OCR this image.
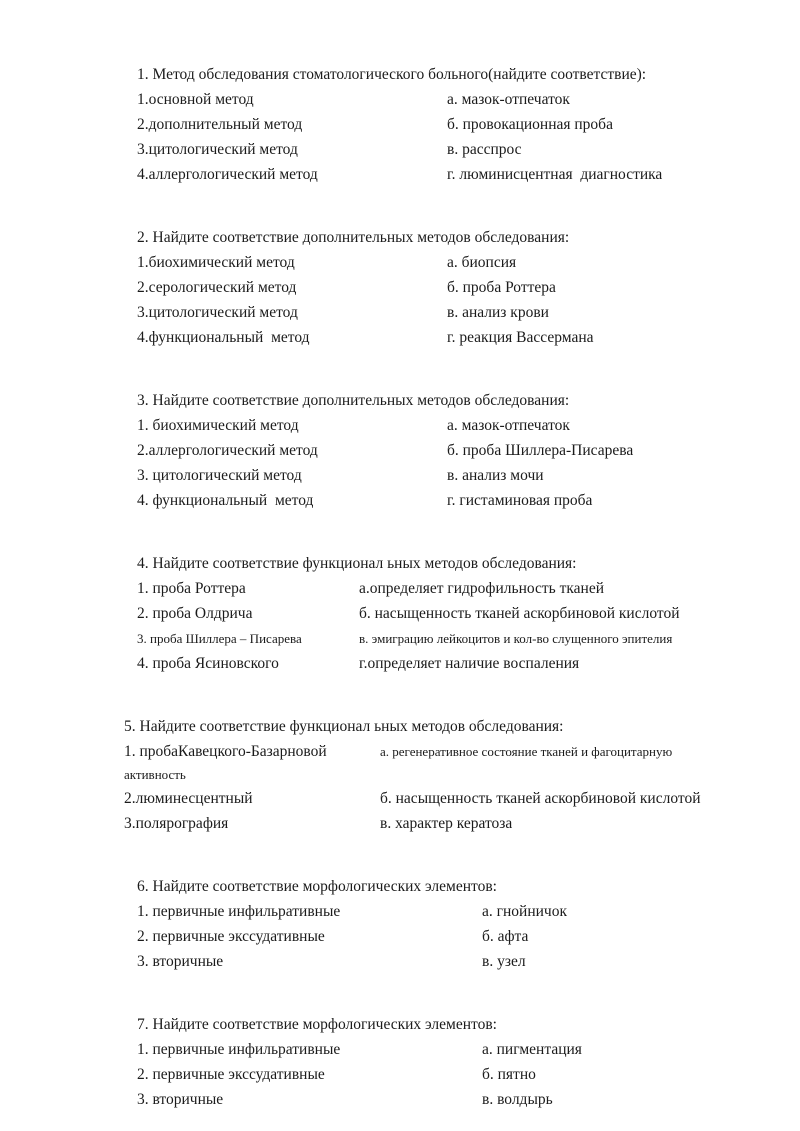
1. Метод обследования стоматологического больного(найдите соответствие):
1.основной метод	а. мазок-отпечаток
2.дополнительный метод	б. провокационная проба
3.цитологический метод	в. расспрос
4.аллергологический метод	г. люминисцентная  диагностика
2. Найдите соответствие дополнительных методов обследования:
1.биохимический метод	а. биопсия
2.серологический метод	б. проба Роттера
3.цитологический метод	в. анализ крови
4.функциональный  метод	г. реакция Вассермана
3. Найдите соответствие дополнительных методов обследования:
1. биохимический метод	а. мазок-отпечаток
2.аллергологический метод	б. проба Шиллера-Писарева
3. цитологический метод	в. анализ мочи
4. функциональный  метод	г. гистаминовая проба
4. Найдите соответствие функционал ьных методов обследования:
1. проба Роттера	а.определяет гидрофильность тканей
2. проба Олдрича	б. насыщенность тканей аскорбиновой кислотой
3. проба Шиллера – Писарева	в. эмиграцию лейкоцитов и кол-во слущенного эпителия
4. проба Ясиновского	г.определяет наличие воспаления
5. Найдите соответствие функционал ьных методов обследования:
1. пробаКавецкого-Базарновой	а. регенеративное состояние тканей и фагоцитарную
активность
2.люминесцентный	б. насыщенность тканей аскорбиновой кислотой
3.полярография	в. характер кератоза
6. Найдите соответствие морфологических элементов:
1. первичные инфильративные	а. гнойничок
2. первичные экссудативные	б. афта
3. вторичные	в. узел
7. Найдите соответствие морфологических элементов:
1. первичные инфильративные	а. пигментация
2. первичные экссудативные	б. пятно
3. вторичные	в. волдырь
